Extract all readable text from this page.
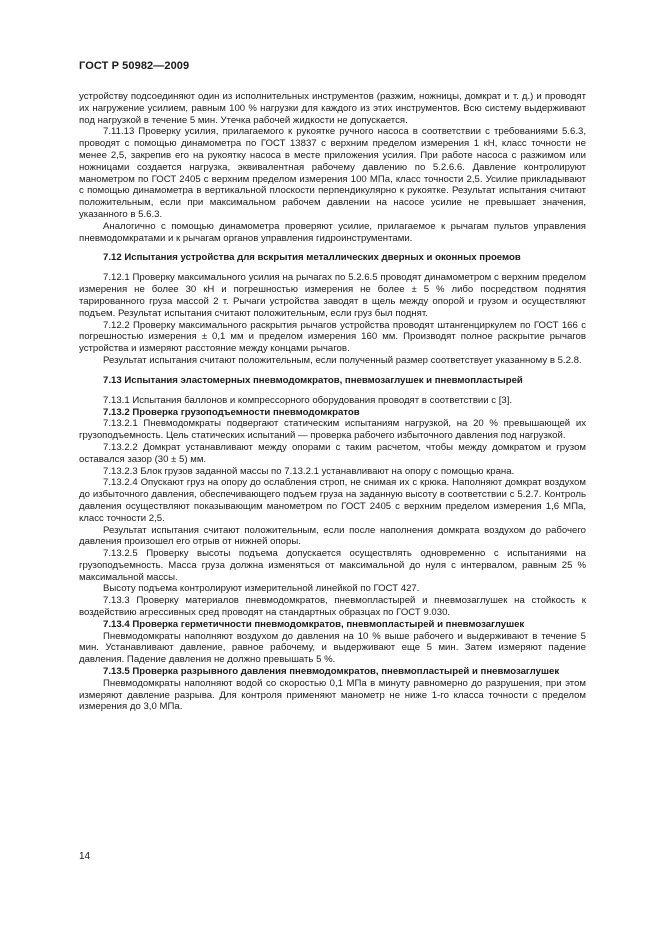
ГОСТ Р 50982—2009

устройству подсоединяют один из исполнительных инструментов (разжим, ножницы, домкрат и т. д.) и проводят их нагружение усилием, равным 100 % нагрузки для каждого из этих инструментов. Всю систему выдерживают под нагрузкой в течение 5 мин. Утечка рабочей жидкости не допускается.

7.11.13 Проверку усилия, прилагаемого к рукоятке ручного насоса в соответствии с требованиями 5.6.3, проводят с помощью динамометра по ГОСТ 13837 с верхним пределом измерения 1 кН, класс точности не менее 2,5, закрепив его на рукоятку насоса в месте приложения усилия. При работе насоса с разжимом или ножницами создается нагрузка, эквивалентная рабочему давлению по 5.2.6.6. Давление контролируют манометром по ГОСТ 2405 с верхним пределом измерения 100 МПа, класс точности 2,5. Усилие прикладывают с помощью динамометра в вертикальной плоскости перпендикулярно к рукоятке. Результат испытания считают положительным, если при максимальном рабочем давлении на насосе усилие не превышает значения, указанного в 5.6.3.

Аналогично с помощью динамометра проверяют усилие, прилагаемое к рычагам пультов управления пневмодомкратами и к рычагам органов управления гидроинструментами.

7.12 Испытания устройства для вскрытия металлических дверных и оконных проемов

7.12.1 Проверку максимального усилия на рычагах по 5.2.6.5 проводят динамометром с верхним пределом измерения не более 30 кН и погрешностью измерения не более ± 5 % либо посредством поднятия тарированного груза массой 2 т. Рычаги устройства заводят в щель между опорой и грузом и осуществляют подъем. Результат испытания считают положительным, если груз был поднят.

7.12.2 Проверку максимального раскрытия рычагов устройства проводят штангенциркулем по ГОСТ 166 с погрешностью измерения ± 0,1 мм и пределом измерения 160 мм. Производят полное раскрытие рычагов устройства и измеряют расстояние между концами рычагов.

Результат испытания считают положительным, если полученный размер соответствует указанному в 5.2.8.

7.13 Испытания эластомерных пневмодомкратов, пневмозаглушек и пневмопластырей

7.13.1 Испытания баллонов и компрессорного оборудования проводят в соответствии с [3].

7.13.2 Проверка грузоподъемности пневмодомкратов

7.13.2.1 Пневмодомкраты подвергают статическим испытаниям нагрузкой, на 20 % превышающей их грузоподъемность. Цель статических испытаний — проверка рабочего избыточного давления под нагрузкой.

7.13.2.2 Домкрат устанавливают между опорами с таким расчетом, чтобы между домкратом и грузом оставался зазор (30 ± 5) мм.

7.13.2.3 Блок грузов заданной массы по 7.13.2.1 устанавливают на опору с помощью крана.

7.13.2.4 Опускают груз на опору до ослабления строп, не снимая их с крюка. Наполняют домкрат воздухом до избыточного давления, обеспечивающего подъем груза на заданную высоту в соответствии с 5.2.7. Контроль давления осуществляют показывающим манометром по ГОСТ 2405 с верхним пределом измерения 1,6 МПа, класс точности 2,5.

Результат испытания считают положительным, если после наполнения домкрата воздухом до рабочего давления произошел его отрыв от нижней опоры.

7.13.2.5 Проверку высоты подъема допускается осуществлять одновременно с испытаниями на грузоподъемность. Масса груза должна изменяться от максимальной до нуля с интервалом, равным 25 % максимальной массы.

Высоту подъема контролируют измерительной линейкой по ГОСТ 427.

7.13.3 Проверку материалов пневмодомкратов, пневмопластырей и пневмозаглушек на стойкость к воздействию агрессивных сред проводят на стандартных образцах по ГОСТ 9.030.

7.13.4 Проверка герметичности пневмодомкратов, пневмопластырей и пневмозаглушек

Пневмодомкраты наполняют воздухом до давления на 10 % выше рабочего и выдерживают в течение 5 мин. Устанавливают давление, равное рабочему, и выдерживают еще 5 мин. Затем измеряют падение давления. Падение давления не должно превышать 5 %.

7.13.5 Проверка разрывного давления пневмодомкратов, пневмопластырей и пневмозаглушек

Пневмодомкраты наполняют водой со скоростью 0,1 МПа в минуту равномерно до разрушения, при этом измеряют давление разрыва. Для контроля применяют манометр не ниже 1-го класса точности с пределом измерения до 3,0 МПа.

14
